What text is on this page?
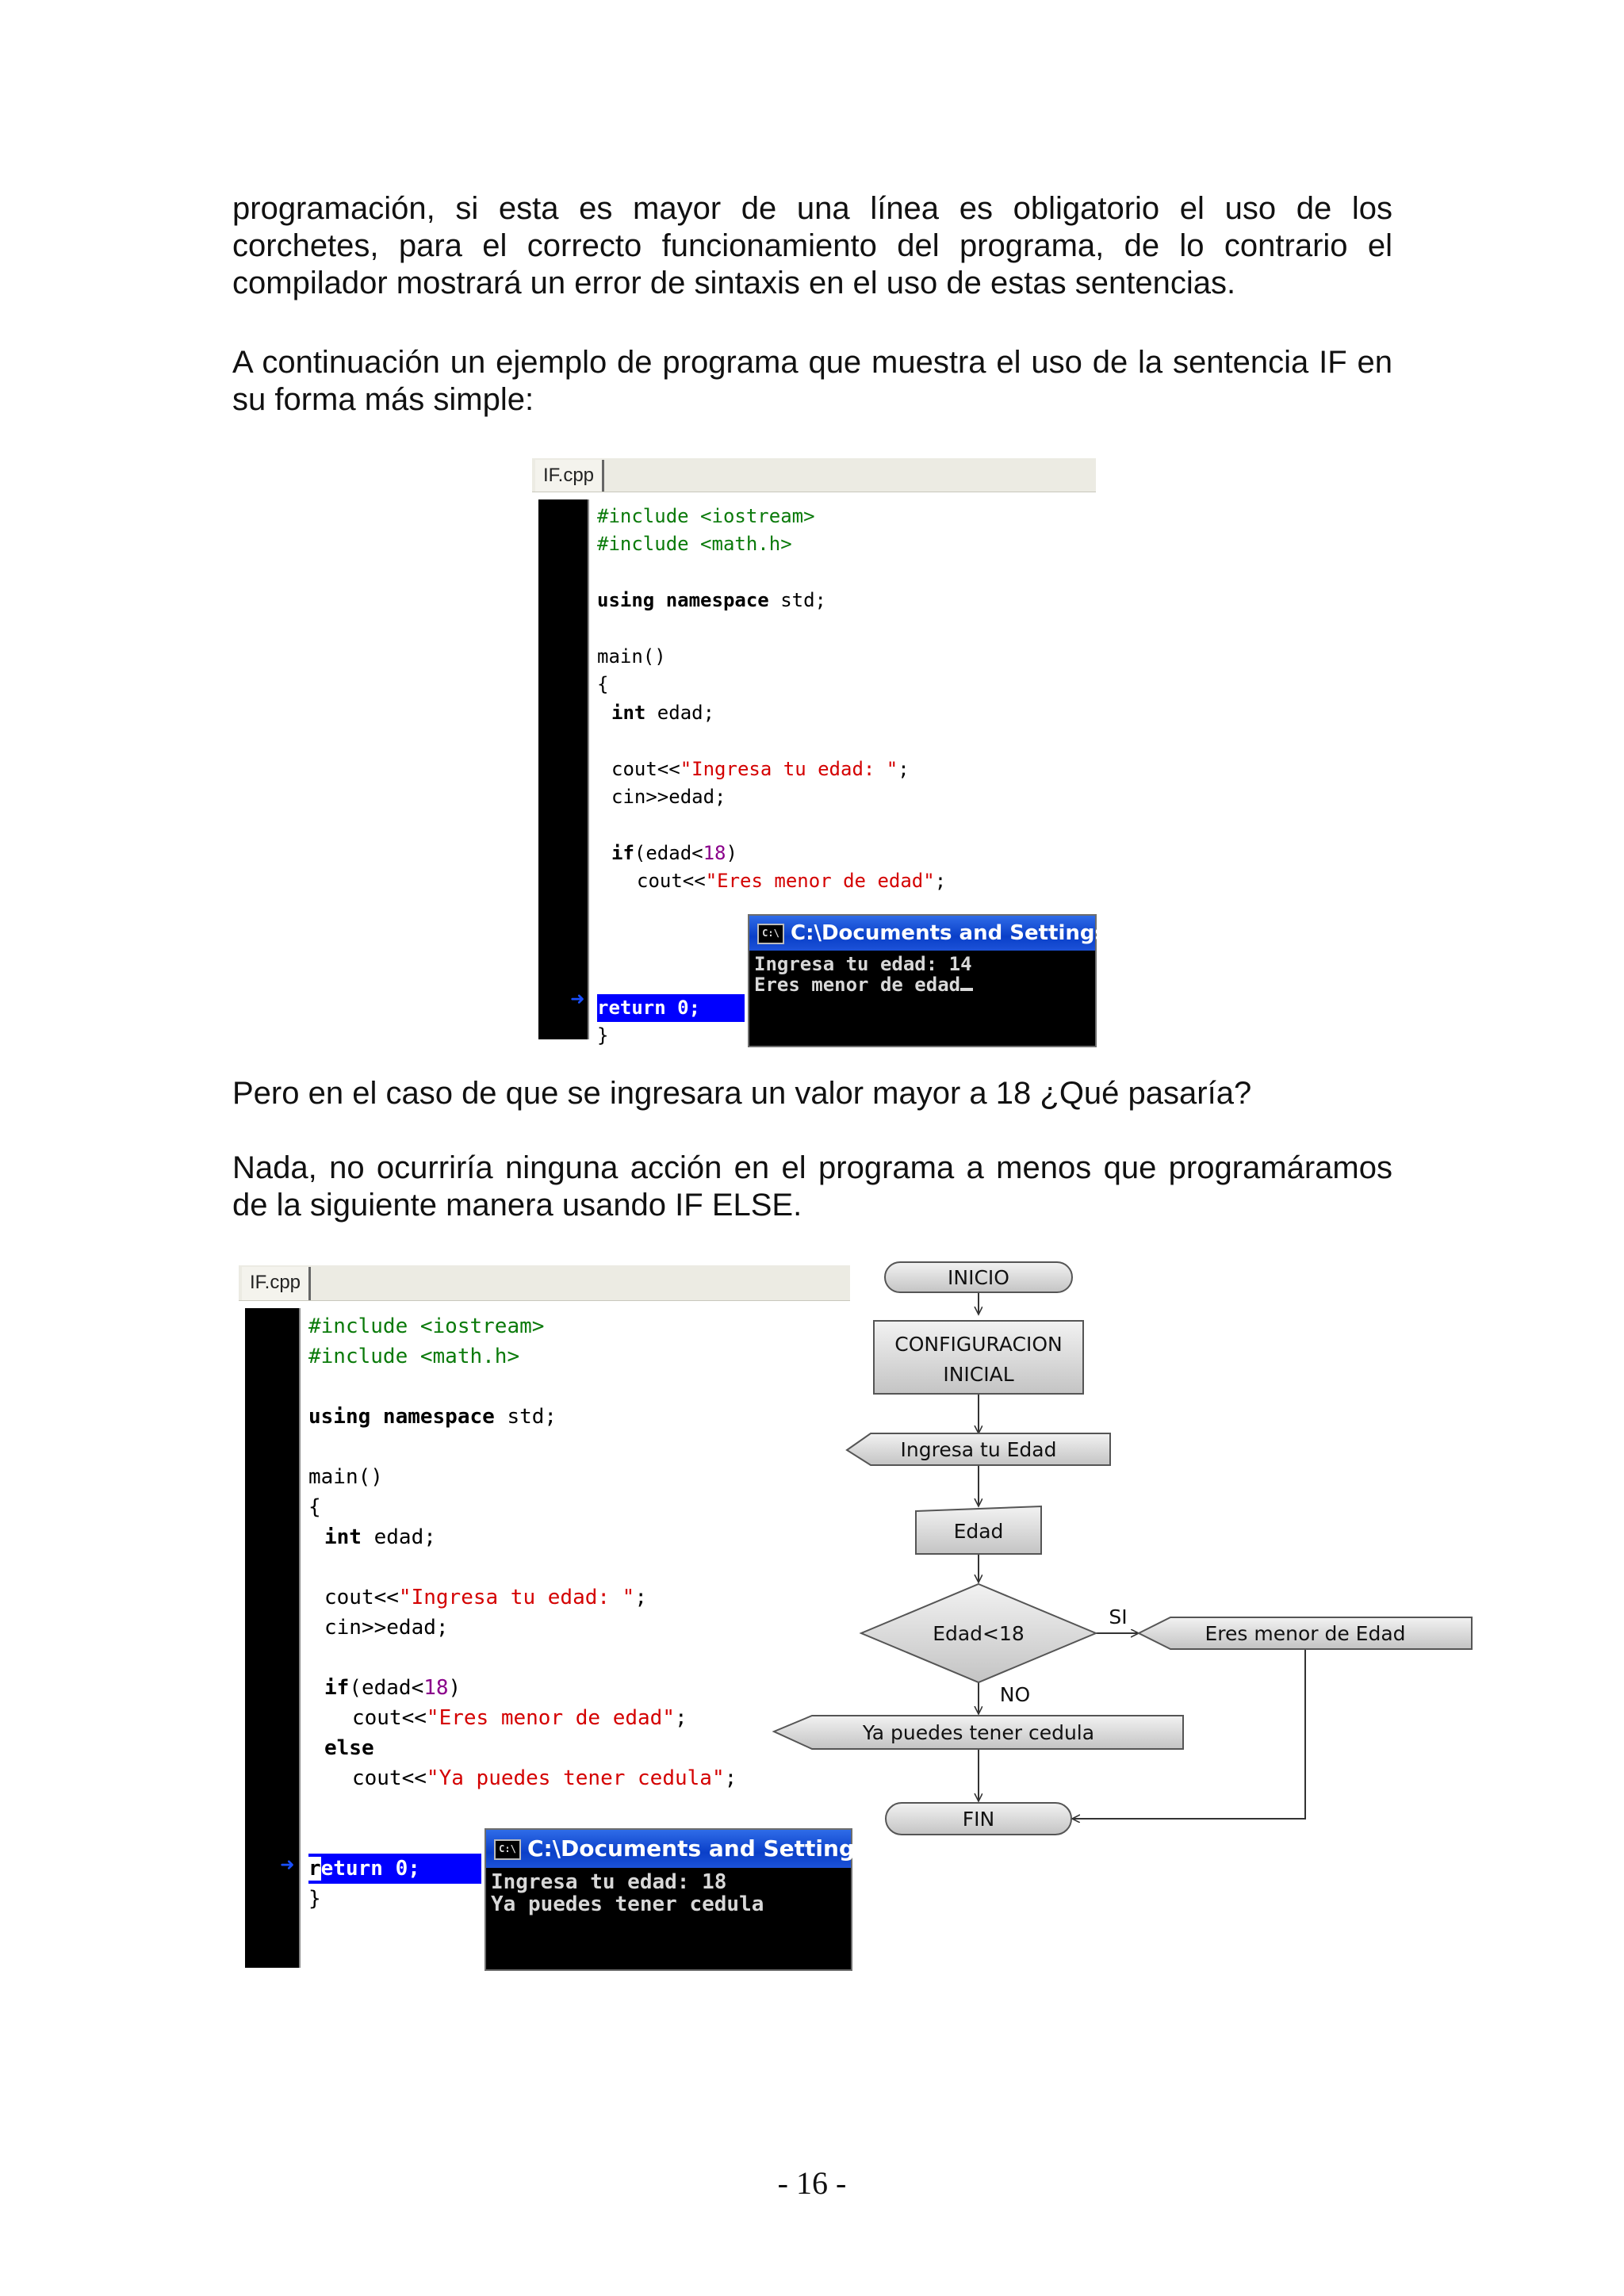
programación, si esta es mayor de una línea es obligatorio el uso de los corchetes, para el correcto funcionamiento del programa, de lo contrario el compilador mostrará un error de sintaxis en el uso de estas sentencias.

A continuación un ejemplo de programa que muestra el uso de la sentencia IF en su forma más simple:

Pero en el caso de que se ingresara un valor mayor a 18 ¿Qué pasaría?

Nada, no ocurriría ninguna acción en el programa a menos que programáramos de la siguiente manera usando IF ELSE.

IF.cpp
➜

#include <iostream>

#include <math.h>

using namespace std;

main()

{

int edad;

cout<<"Ingresa tu edad: ";

cin>>edad;

if(edad<18)

cout<<"Eres menor de edad";

return 0;

}

C:\ C:\Documents and Settings\ca
Ingresa tu edad: 14
Eres menor de edad
IF.cpp
➜

#include <iostream>

#include <math.h>

using namespace std;

main()

{

int edad;

cout<<"Ingresa tu edad: ";

cin>>edad;

if(edad<18)

cout<<"Eres menor de edad";

else

cout<<"Ya puedes tener cedula";

return 0;

}

C:\ C:\Documents and Settings\c
Ingresa tu edad: 18
Ya puedes tener cedula
INICIO
CONFIGURACION
INICIAL
Ingresa tu Edad
Edad
Edad<18
SI
NO
Eres menor de Edad
Ya puedes tener cedula
FIN
- 16 -
